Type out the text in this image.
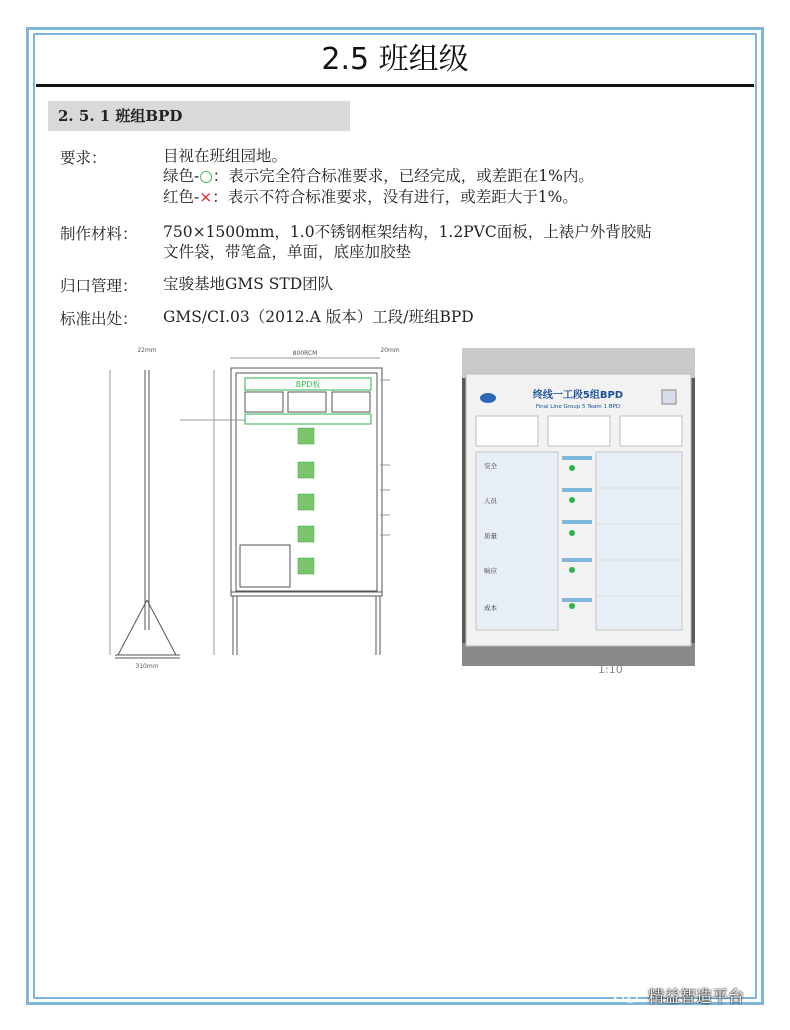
2.5 班组级
2. 5. 1 班组BPD
要求：	目视在班组园地。
绿色-○：表示完全符合标准要求，已经完成，或差距在1%内。
红色-×：表示不符合标准要求，没有进行，或差距大于1%。
制作材料： 750×1500mm，1.0不锈钢框架结构，1.2PVC面板，上裱户外背胶贴
文件袋，带笔盒，单面，底座加胶垫
归口管理： 宝骏基地GMS STD团队
标准出处： GMS/CI.03（2012.A 版本）工段/班组BPD
BPD板
800RCM
22mm	20mm
310mm
终线一工段5组BPD
Final Line Group 5 Team 1 BPD
安全
人员
质量
响应
成本
1:10
精益智造平台
